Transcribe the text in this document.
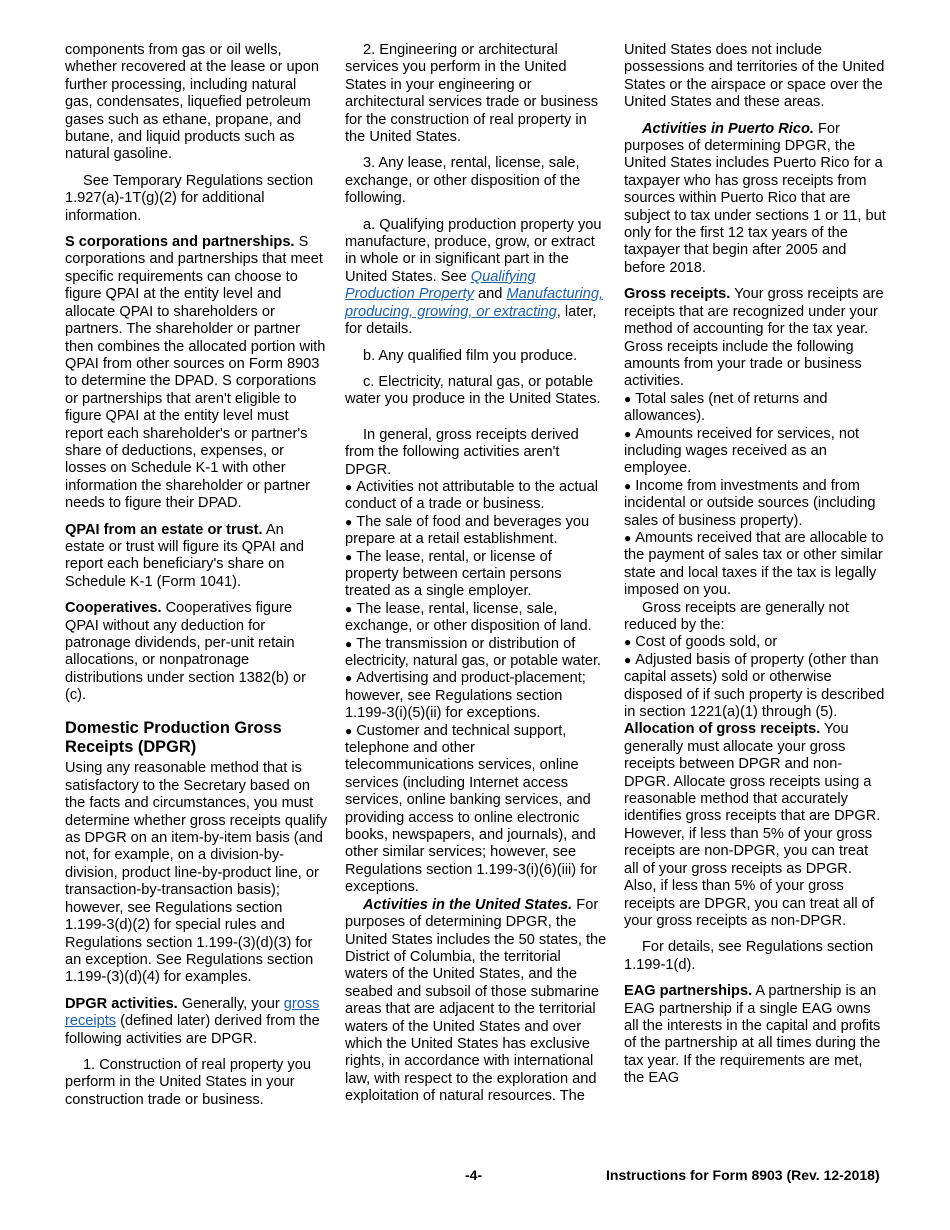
components from gas or oil wells, whether recovered at the lease or upon further processing, including natural gas, condensates, liquefied petroleum gases such as ethane, propane, and butane, and liquid products such as natural gasoline.

See Temporary Regulations section 1.927(a)-1T(g)(2) for additional information.

S corporations and partnerships. S corporations and partnerships that meet specific requirements can choose to figure QPAI at the entity level and allocate QPAI to shareholders or partners. The shareholder or partner then combines the allocated portion with QPAI from other sources on Form 8903 to determine the DPAD. S corporations or partnerships that aren't eligible to figure QPAI at the entity level must report each shareholder's or partner's share of deductions, expenses, or losses on Schedule K-1 with other information the shareholder or partner needs to figure their DPAD.

QPAI from an estate or trust. An estate or trust will figure its QPAI and report each beneficiary's share on Schedule K-1 (Form 1041).

Cooperatives. Cooperatives figure QPAI without any deduction for patronage dividends, per-unit retain allocations, or nonpatronage distributions under section 1382(b) or (c).

Domestic Production Gross Receipts (DPGR)

Using any reasonable method that is satisfactory to the Secretary based on the facts and circumstances, you must determine whether gross receipts qualify as DPGR on an item-by-item basis (and not, for example, on a division-by-division, product line-by-product line, or transaction-by-transaction basis); however, see Regulations section 1.199-3(d)(2) for special rules and Regulations section 1.199-(3)(d)(3) for an exception. See Regulations section 1.199-(3)(d)(4) for examples.

DPGR activities. Generally, your gross receipts (defined later) derived from the following activities are DPGR.

1. Construction of real property you perform in the United States in your construction trade or business.

2. Engineering or architectural services you perform in the United States in your engineering or architectural services trade or business for the construction of real property in the United States.

3. Any lease, rental, license, sale, exchange, or other disposition of the following.

a. Qualifying production property you manufacture, produce, grow, or extract in whole or in significant part in the United States. See Qualifying Production Property and Manufacturing, producing, growing, or extracting, later, for details.

b. Any qualified film you produce.

c. Electricity, natural gas, or potable water you produce in the United States.

In general, gross receipts derived from the following activities aren't DPGR.

● Activities not attributable to the actual conduct of a trade or business.

● The sale of food and beverages you prepare at a retail establishment.

● The lease, rental, or license of property between certain persons treated as a single employer.

● The lease, rental, license, sale, exchange, or other disposition of land.

● The transmission or distribution of electricity, natural gas, or potable water.

● Advertising and product-placement; however, see Regulations section 1.199-3(i)(5)(ii) for exceptions.

● Customer and technical support, telephone and other telecommunications services, online services (including Internet access services, online banking services, and providing access to online electronic books, newspapers, and journals), and other similar services; however, see Regulations section 1.199-3(i)(6)(iii) for exceptions.

Activities in the United States. For purposes of determining DPGR, the United States includes the 50 states, the District of Columbia, the territorial waters of the United States, and the seabed and subsoil of those submarine areas that are adjacent to the territorial waters of the United States and over which the United States has exclusive rights, in accordance with international law, with respect to the exploration and exploitation of natural resources. The

United States does not include possessions and territories of the United States or the airspace or space over the United States and these areas.

Activities in Puerto Rico. For purposes of determining DPGR, the United States includes Puerto Rico for a taxpayer who has gross receipts from sources within Puerto Rico that are subject to tax under sections 1 or 11, but only for the first 12 tax years of the taxpayer that begin after 2005 and before 2018.

Gross receipts. Your gross receipts are receipts that are recognized under your method of accounting for the tax year. Gross receipts include the following amounts from your trade or business activities.

● Total sales (net of returns and allowances).

● Amounts received for services, not including wages received as an employee.

● Income from investments and from incidental or outside sources (including sales of business property).

● Amounts received that are allocable to the payment of sales tax or other similar state and local taxes if the tax is legally imposed on you.

Gross receipts are generally not reduced by the:

● Cost of goods sold, or

● Adjusted basis of property (other than capital assets) sold or otherwise disposed of if such property is described in section 1221(a)(1) through (5).

Allocation of gross receipts. You generally must allocate your gross receipts between DPGR and non-DPGR. Allocate gross receipts using a reasonable method that accurately identifies gross receipts that are DPGR. However, if less than 5% of your gross receipts are non-DPGR, you can treat all of your gross receipts as DPGR. Also, if less than 5% of your gross receipts are DPGR, you can treat all of your gross receipts as non-DPGR.

For details, see Regulations section 1.199-1(d).

EAG partnerships. A partnership is an EAG partnership if a single EAG owns all the interests in the capital and profits of the partnership at all times during the tax year. If the requirements are met, the EAG

-4-	Instructions for Form 8903 (Rev. 12-2018)
